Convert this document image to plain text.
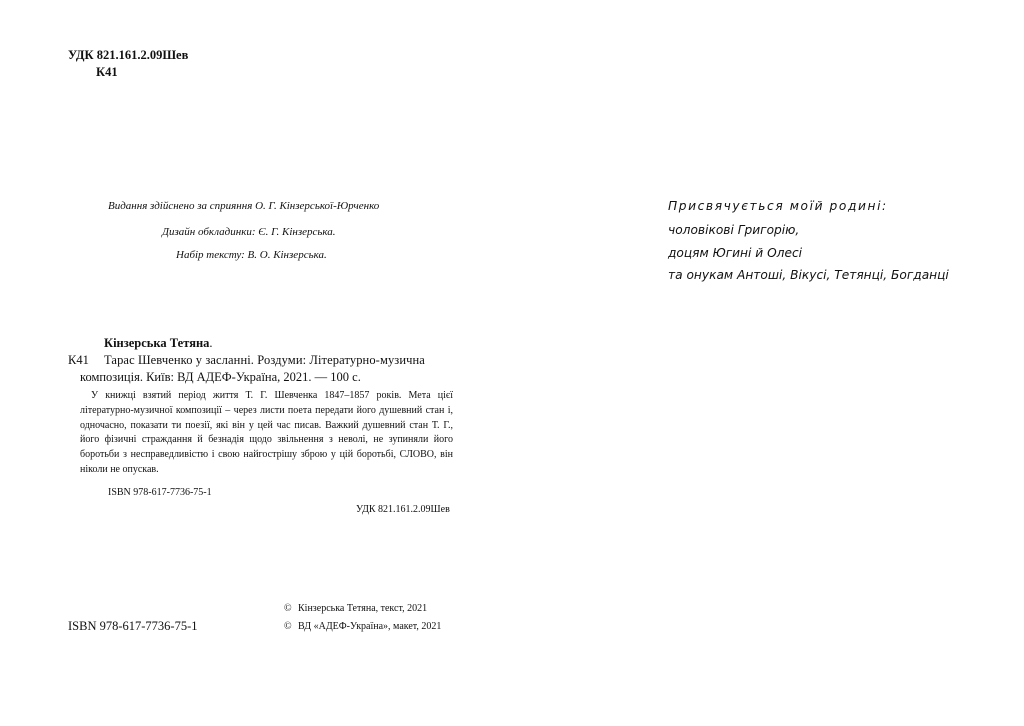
УДК 821.161.2.09Шев
К41
Видання здійснено за сприяння О. Г. Кінзерської-Юрченко
Дизайн обкладинки: Є. Г. Кінзерська.
Набір тексту: В. О. Кінзерська.
Кінзерська Тетяна.
К41 Тарас Шевченко у засланні. Роздуми: Літературно-музична
композиція. Київ: ВД АДЕФ-Україна, 2021. — 100 с.
У книжці взятий період життя Т. Г. Шевченка 1847–1857 років. Мета цієї літературно-музичної композиції – через листи поета передати його душевний стан і, одночасно, показати ти поезії, які він у цей час писав. Важкий душевний стан Т. Г., його фізичні страждання й безнадія щодо звільнення з неволі, не зупиняли його боротьби з несправедливістю і свою найгострішу зброю у цій боротьбі, СЛОВО, він ніколи не опускав.
ISBN 978-617-7736-75-1
УДК 821.161.2.09Шев
ISBN 978-617-7736-75-1
© Кінзерська Тетяна, текст, 2021
© ВД «АДЕФ-Україна», макет, 2021
Присвячується моїй родині:
чоловікові Григорію,
доцям Югині й Олесі
та онукам Антоші, Вікусі, Тетянці, Богданці
